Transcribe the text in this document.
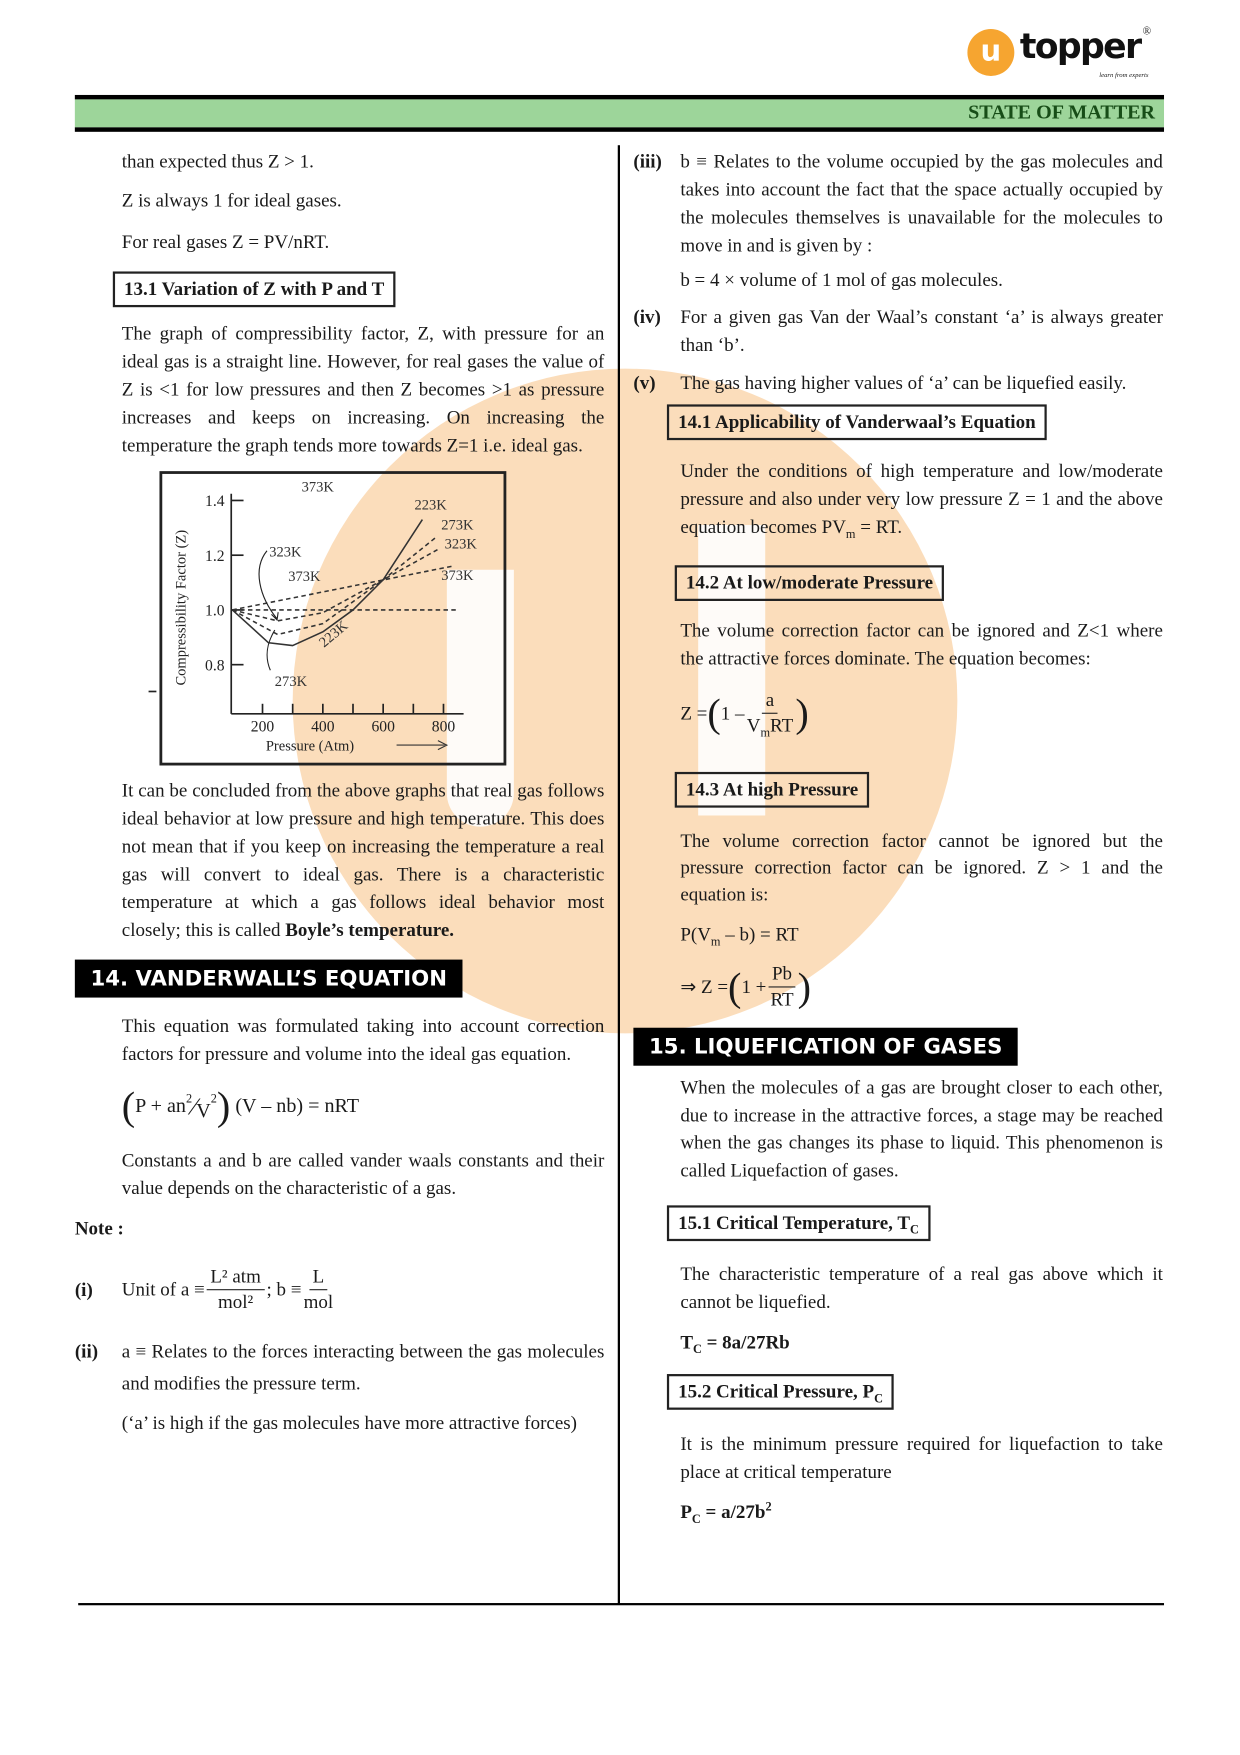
u topper ®
learn from experts
STATE OF MATTER
than expected thus Z > 1.
Z is always 1 for ideal gases.
For real gases Z = PV/nRT.
13.1 Variation of Z with P and T
The graph of compressibility factor, Z, with pressure for an ideal gas is a straight line. However, for real gases the value of Z is <1 for low pressures and then Z becomes >1 as pressure increases and keeps on increasing. On increasing the temperature the graph tends more towards Z=1 i.e. ideal gas.
1.4
1.2
1.0
0.8
200	400	600	800
373K
223K
273K
323K
373K
323K
373K
223K
273K
Compressibility Factor (Z)
Pressure (Atm)
It can be concluded from the above graphs that real gas follows ideal behavior at low pressure and high temperature. This does not mean that if you keep on increasing the temperature a real gas will convert to ideal gas. There is a characteristic temperature at which a gas follows ideal behavior most closely; this is called Boyle’s temperature.
14. VANDERWALL’S EQUATION
This equation was formulated taking into account correction factors for pressure and volume into the ideal gas equation.
$(P + an^2⁄V^2)$ (V – nb) = nRT
Constants a and b are called vander waals constants and their value depends on the characteristic of a gas.
Note :
(i)	Unit of $a \equiv \frac{\text{L² atm}}{\text{mol²}}$ ; $b \equiv \frac{L}{\text{mol}}$
(ii)	a ≡ Relates to the forces interacting between the gas molecules and modifies the pressure term.
(‘a’ is high if the gas molecules have more attractive forces)
(iii)	b ≡ Relates to the volume occupied by the gas molecules and takes into account the fact that the space actually occupied by the molecules themselves is unavailable for the molecules to move in and is given by :
b = 4 × volume of 1 mol of gas molecules.
(iv)	For a given gas Van der Waal’s constant ‘a’ is always greater than ‘b’.
(v)	The gas having higher values of ‘a’ can be liquefied easily.
14.1 Applicability of Vanderwaal’s Equation
Under the conditions of high temperature and low/moderate pressure and also under very low pressure Z = 1 and the above equation becomes $PV_m$ = RT.
14.2 At low/moderate Pressure
The volume correction factor can be ignored and Z<1 where the attractive forces dominate. The equation becomes:
$Z =(1 - \frac{a}{V_mRT}$ )
14.3 At high Pressure
The volume correction factor cannot be ignored but the pressure correction factor can be ignored. Z > 1 and the equation is:
$P(V_m - b)$ = RT
⇒ $Z =(1 + \frac{Pb}{RT}$ )
15. LIQUEFICATION OF GASES
When the molecules of a gas are brought closer to each other, due to increase in the attractive forces, a stage may be reached when the gas changes its phase to liquid. This phenomenon is called Liquefaction of gases.
15.1 Critical Temperature, $T_C$
The characteristic temperature of a real gas above which it cannot be liquefied.
$T_C = 8a/27Rb$
15.2 Critical Pressure, $P_C$
It is the minimum pressure required for liquefaction to take place at critical temperature
$P_C = a/27b^2$
